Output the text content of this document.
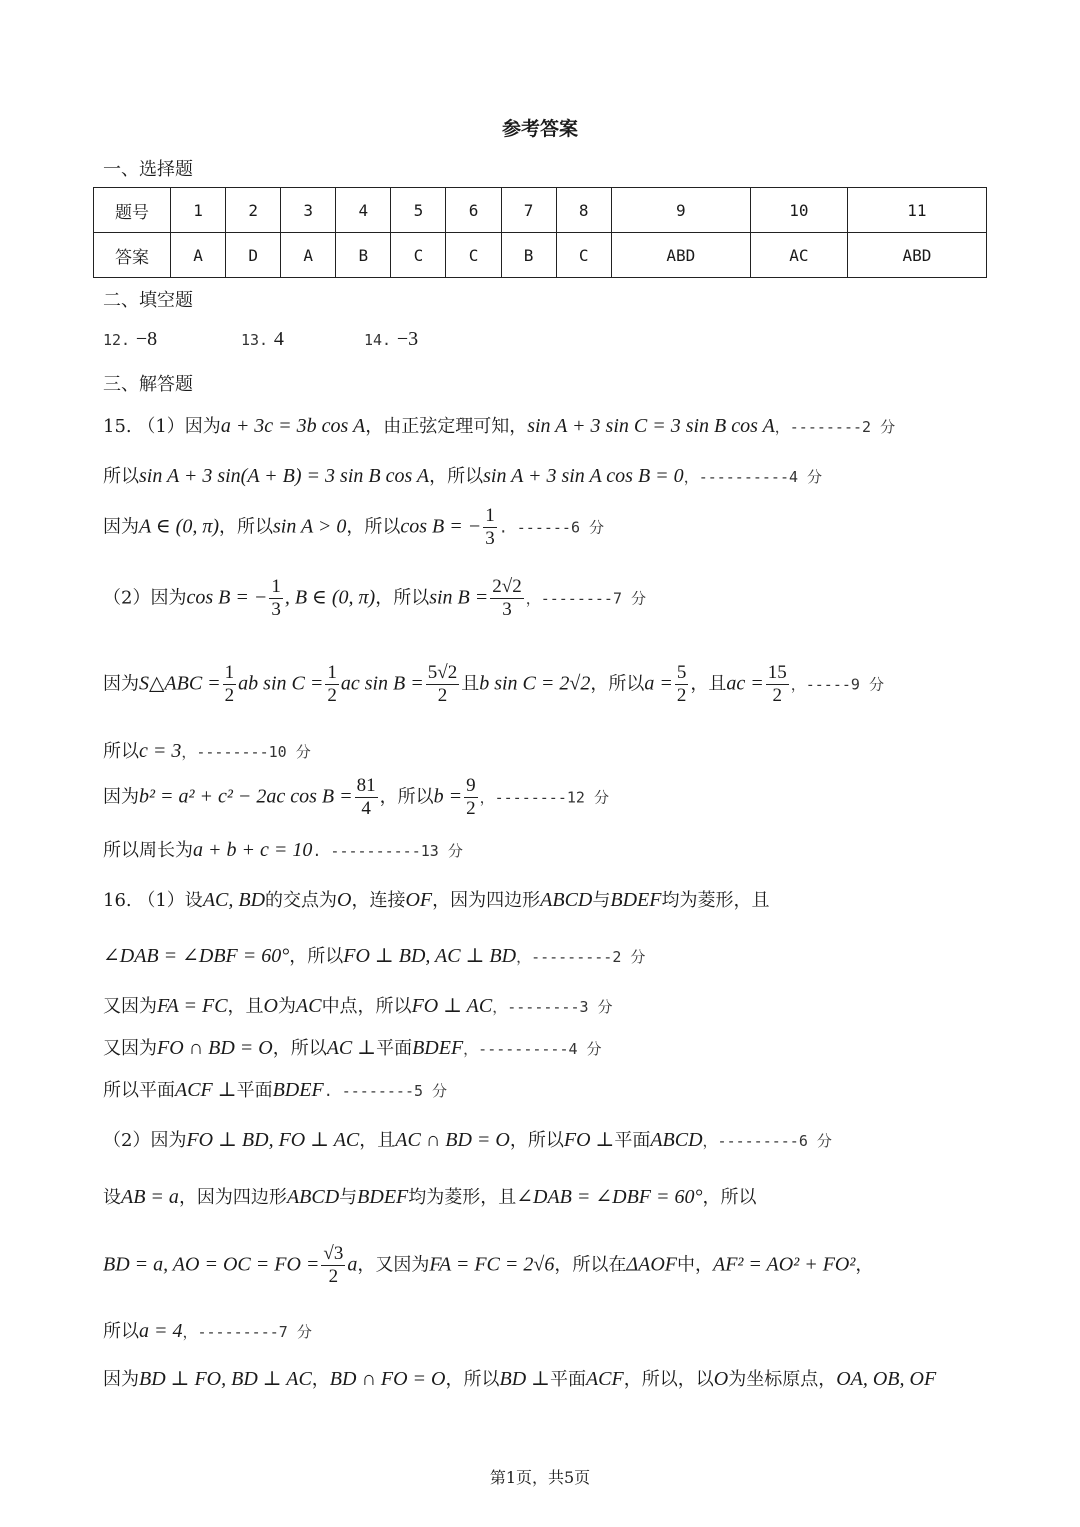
参考答案
一、选择题
题号	1	2	3	4	5	6	7	8	9	10	11
答案	A	D	A	B	C	C	B	C	ABD	AC	ABD
二、填空题
12. −8	13. 4	14. −3
三、解答题
15. （1）因为a + 3c = 3b cos A，由正弦定理可知，sin A + 3 sin C = 3 sin B cos A，--------2 分
所以sin A + 3 sin(A + B) = 3 sin B cos A，所以sin A + 3 sin A cos B = 0，----------4 分
因为A ∈ (0, π)，所以sin A > 0，所以cos B = − $\frac{1}{3}$ . ------6 分
（2）因为cos B = − $\frac{1}{3}$ , B ∈ (0, π)，所以$\sin B = \frac{2√2}{3}$ ，--------7 分
因为S△ABC = $\frac{1}{2}$ ab $\sin C = \frac{1}{2}$ ac $\sin B = \frac{5√2}{2}$ 且b sin C = 2√2，所以$a = \frac{5}{2}$ ，且ac = $\frac{15}{2}$ ，-----9 分
所以c = 3，--------10 分
因为b² = a² + c² − 2ac $\cos B = \frac{81}{4}$ ，所以$b = \frac{9}{2}$ ，--------12 分
所以周长为a + b + c = 10. ----------13 分
16. （1）设AC, BD的交点为O，连接OF，因为四边形ABCD与BDEF均为菱形，且
∠DAB = ∠DBF = 60°，所以FO ⊥ BD, AC ⊥ BD，---------2 分
又因为FA = FC，且O为AC中点，所以FO ⊥ AC，--------3 分
又因为FO ∩ BD = O，所以AC ⊥平面BDEF，----------4 分
所以平面ACF ⊥平面BDEF. --------5 分
（2）因为FO ⊥ BD, FO ⊥ AC，且AC ∩ BD = O，所以FO ⊥平面ABCD，---------6 分
设AB = a，因为四边形ABCD与BDEF均为菱形，且∠DAB = ∠DBF = 60°，所以
BD = a, AO = OC = FO = $\frac{√3}{2}$ a，又因为FA = FC = 2√6，所以在ΔAOF中，AF² = AO² + FO²，
所以a = 4，---------7 分
因为BD ⊥ FO, BD ⊥ AC，BD ∩ FO = O，所以BD ⊥平面ACF，所以，以O为坐标原点，OA, OB, OF
第1页，共5页
